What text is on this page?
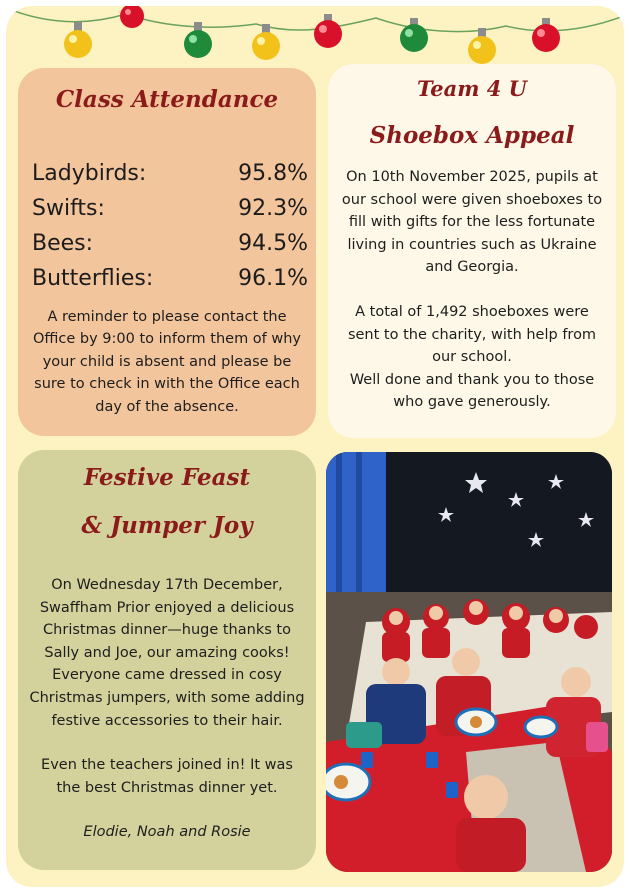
Class Attendance
Ladybirds:	95.8%
Swifts:	92.3%
Bees:	94.5%
Butterflies:	96.1%

A reminder to please contact the Office by 9:00 to inform them of why your child is absent and please be sure to check in with the Office each day of the absence.

Team 4 U
Shoebox Appeal

On 10th November 2025, pupils at our school were given shoeboxes to fill with gifts for the less fortunate living in countries such as Ukraine and Georgia.

A total of 1,492 shoeboxes were sent to the charity, with help from our school.

Well done and thank you to those who gave generously.

Festive Feast
& Jumper Joy

On Wednesday 17th December, Swaffham Prior enjoyed a delicious Christmas dinner—huge thanks to Sally and Joe, our amazing cooks! Everyone came dressed in cosy Christmas jumpers, with some adding festive accessories to their hair.

Even the teachers joined in! It was the best Christmas dinner yet.

Elodie, Noah and Rosie
